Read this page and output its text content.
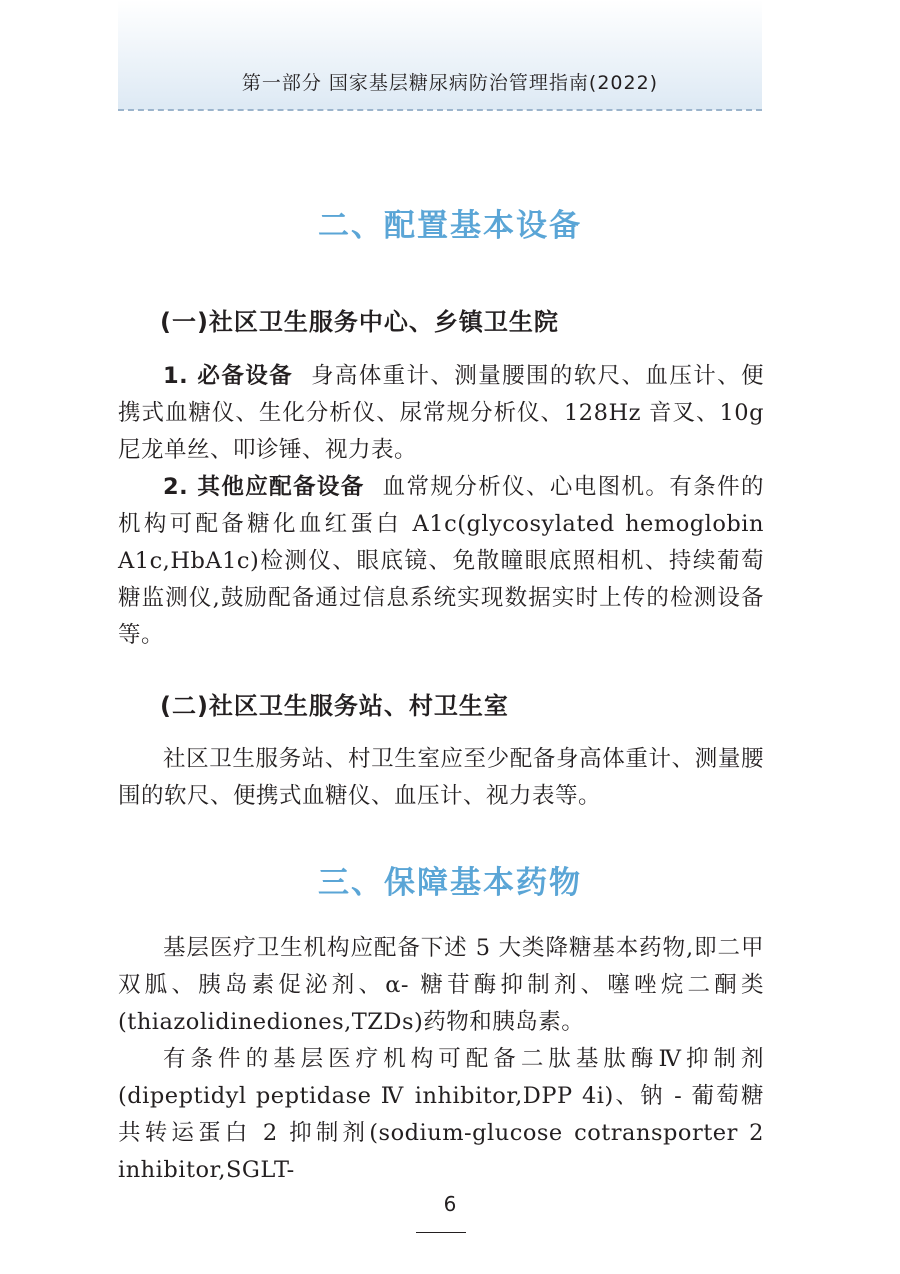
第一部分 国家基层糖尿病防治管理指南(2022)
二、配置基本设备
(一)社区卫生服务中心、乡镇卫生院

1. 必备设备 身高体重计、测量腰围的软尺、血压计、便携式血糖仪、生化分析仪、尿常规分析仪、128Hz 音叉、10g 尼龙单丝、叩诊锤、视力表。

2. 其他应配备设备 血常规分析仪、心电图机。有条件的机构可配备糖化血红蛋白 A1c(glycosylated hemoglobin A1c,HbA1c)检测仪、眼底镜、免散瞳眼底照相机、持续葡萄糖监测仪,鼓励配备通过信息系统实现数据实时上传的检测设备等。

(二)社区卫生服务站、村卫生室

社区卫生服务站、村卫生室应至少配备身高体重计、测量腰围的软尺、便携式血糖仪、血压计、视力表等。

三、保障基本药物

基层医疗卫生机构应配备下述 5 大类降糖基本药物,即二甲双胍、胰岛素促泌剂、α- 糖苷酶抑制剂、噻唑烷二酮类(thiazolidinediones,TZDs)药物和胰岛素。

有条件的基层医疗机构可配备二肽基肽酶Ⅳ抑制剂(dipeptidyl peptidase Ⅳ inhibitor,DPP 4i)、钠 - 葡萄糖共转运蛋白 2 抑制剂(sodium-glucose cotransporter 2 inhibitor,SGLT-

6
